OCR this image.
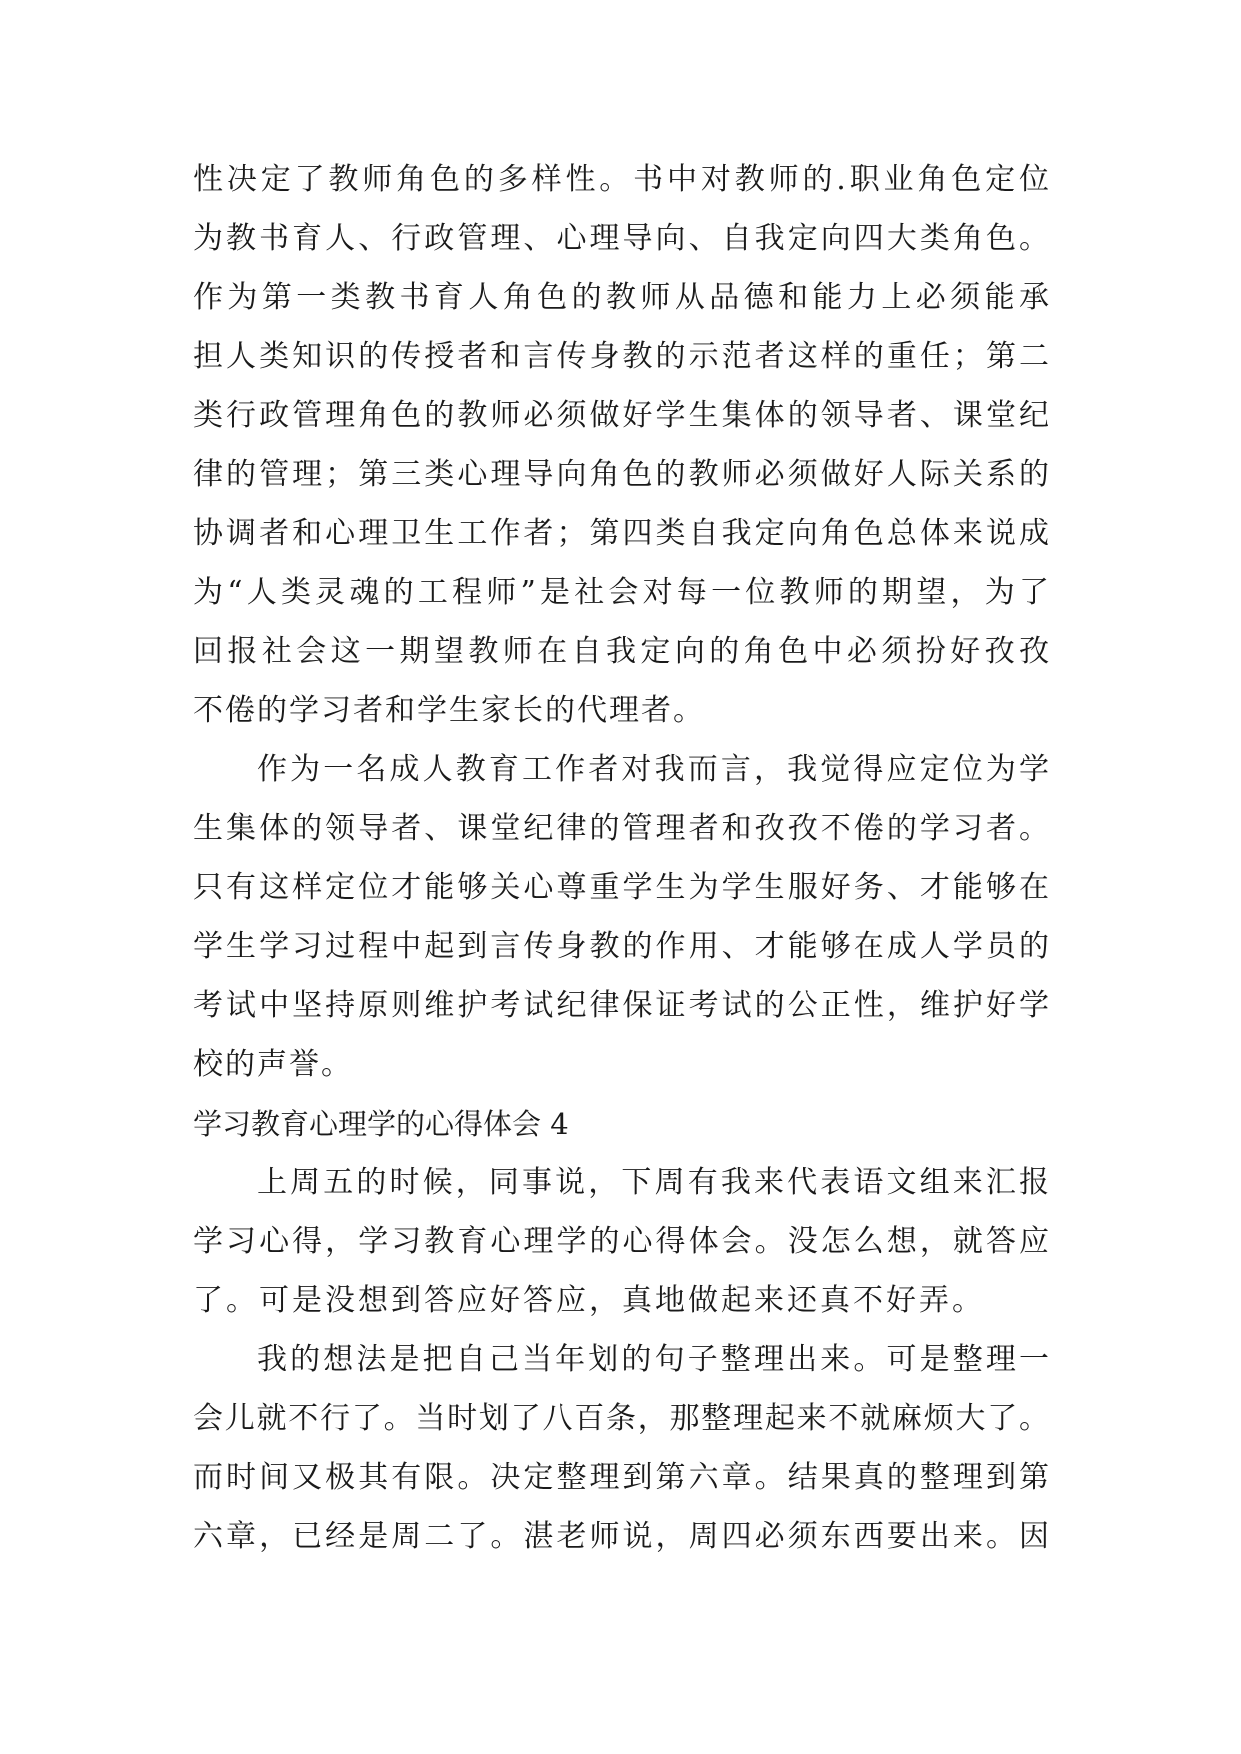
性决定了教师角色的多样性。书中对教师的.职业角色定位

为教书育人、行政管理、心理导向、自我定向四大类角色。

作为第一类教书育人角色的教师从品德和能力上必须能承

担人类知识的传授者和言传身教的示范者这样的重任；第二

类行政管理角色的教师必须做好学生集体的领导者、课堂纪

律的管理；第三类心理导向角色的教师必须做好人际关系的

协调者和心理卫生工作者；第四类自我定向角色总体来说成

为“人类灵魂的工程师”是社会对每一位教师的期望，为了

回报社会这一期望教师在自我定向的角色中必须扮好孜孜

不倦的学习者和学生家长的代理者。

作为一名成人教育工作者对我而言，我觉得应定位为学

生集体的领导者、课堂纪律的管理者和孜孜不倦的学习者。

只有这样定位才能够关心尊重学生为学生服好务、才能够在

学生学习过程中起到言传身教的作用、才能够在成人学员的

考试中坚持原则维护考试纪律保证考试的公正性，维护好学

校的声誉。

学习教育心理学的心得体会 4

上周五的时候，同事说，下周有我来代表语文组来汇报

学习心得，学习教育心理学的心得体会。没怎么想，就答应

了。可是没想到答应好答应，真地做起来还真不好弄。

我的想法是把自己当年划的句子整理出来。可是整理一

会儿就不行了。当时划了八百条，那整理起来不就麻烦大了。

而时间又极其有限。决定整理到第六章。结果真的整理到第

六章，已经是周二了。湛老师说，周四必须东西要出来。因
